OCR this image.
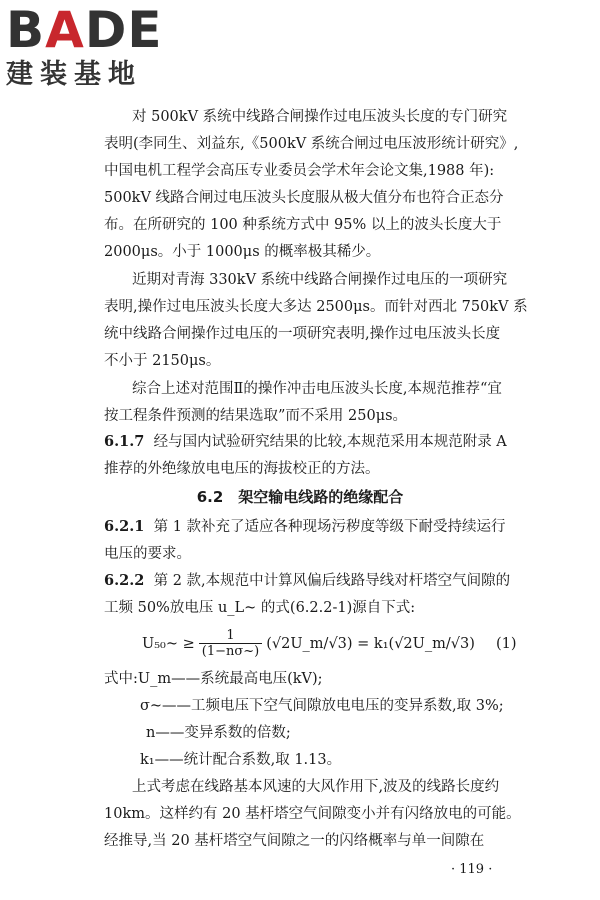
BADE
建装基地
对 500kV 系统中线路合闸操作过电压波头长度的专门研究
表明(李同生、刘益东,《500kV 系统合闸过电压波形统计研究》,
中国电机工程学会高压专业委员会学术年会论文集,1988 年):
500kV 线路合闸过电压波头长度服从极大值分布也符合正态分
布。在所研究的 100 种系统方式中 95% 以上的波头长度大于
2000μs。小于 1000μs 的概率极其稀少。
近期对青海 330kV 系统中线路合闸操作过电压的一项研究
表明,操作过电压波头长度大多达 2500μs。而针对西北 750kV 系
统中线路合闸操作过电压的一项研究表明,操作过电压波头长度
不小于 2150μs。
综合上述对范围Ⅱ的操作冲击电压波头长度,本规范推荐“宜
按工程条件预测的结果选取”而不采用 250μs。
6.1.7 经与国内试验研究结果的比较,本规范采用本规范附录 A
推荐的外绝缘放电电压的海拔校正的方法。
6.2　架空输电线路的绝缘配合
6.2.1 第 1 款补充了适应各种现场污秽度等级下耐受持续运行
电压的要求。
6.2.2 第 2 款,本规范中计算风偏后线路导线对杆塔空气间隙的
工频 50%放电压 u_L~ 的式(6.2.2-1)源自下式:
U₅₀~ ≥ $\frac{1}{(1-n\sigma\sim)}$ (√2U_m/√3) = k₁(√2U_m/√3) (1)
式中:U_m——系统最高电压(kV);
σ~——工频电压下空气间隙放电电压的变异系数,取 3%;
n——变异系数的倍数;
k₁——统计配合系数,取 1.13。
上式考虑在线路基本风速的大风作用下,波及的线路长度约
10km。这样约有 20 基杆塔空气间隙变小并有闪络放电的可能。
经推导,当 20 基杆塔空气间隙之一的闪络概率与单一间隙在
· 119 ·
